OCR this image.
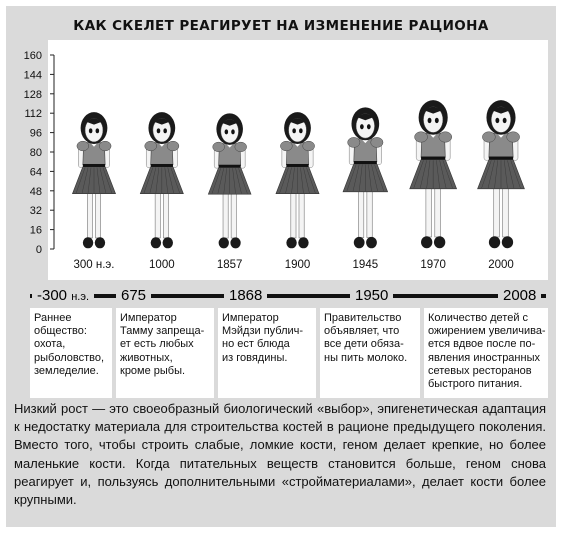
КАК СКЕЛЕТ РЕАГИРУЕТ НА ИЗМЕНЕНИЕ РАЦИОНА
0
16
32
48
64
80
96
112
128
144
160
300 н.э.	1000	1857	1900	1945	1970	2000
-300 н.э.	675	1868	1950	2008
Раннее
общество:
охота,
рыболовство,
земледелие.
Император
Тамму запреща-
ет есть любых
животных,
кроме рыбы.
Император
Мэйдзи публич-
но ест блюда
из говядины.
Правительство
объявляет, что
все дети обяза-
ны пить молоко.
Количество детей с
ожирением увеличива-
ется вдвое после по-
явления иностранных
сетевых ресторанов
быстрого питания.
Низкий рост — это своеобразный биологический «выбор», эпигенетическая адаптация к недостатку материала для строительства костей в рационе предыдущего поколения. Вместо того, чтобы строить слабые, ломкие кости, геном делает крепкие, но более маленькие кости. Когда питательных веществ становится больше, геном снова реагирует и, пользуясь дополнительными «стройматериалами», делает кости более крупными.
